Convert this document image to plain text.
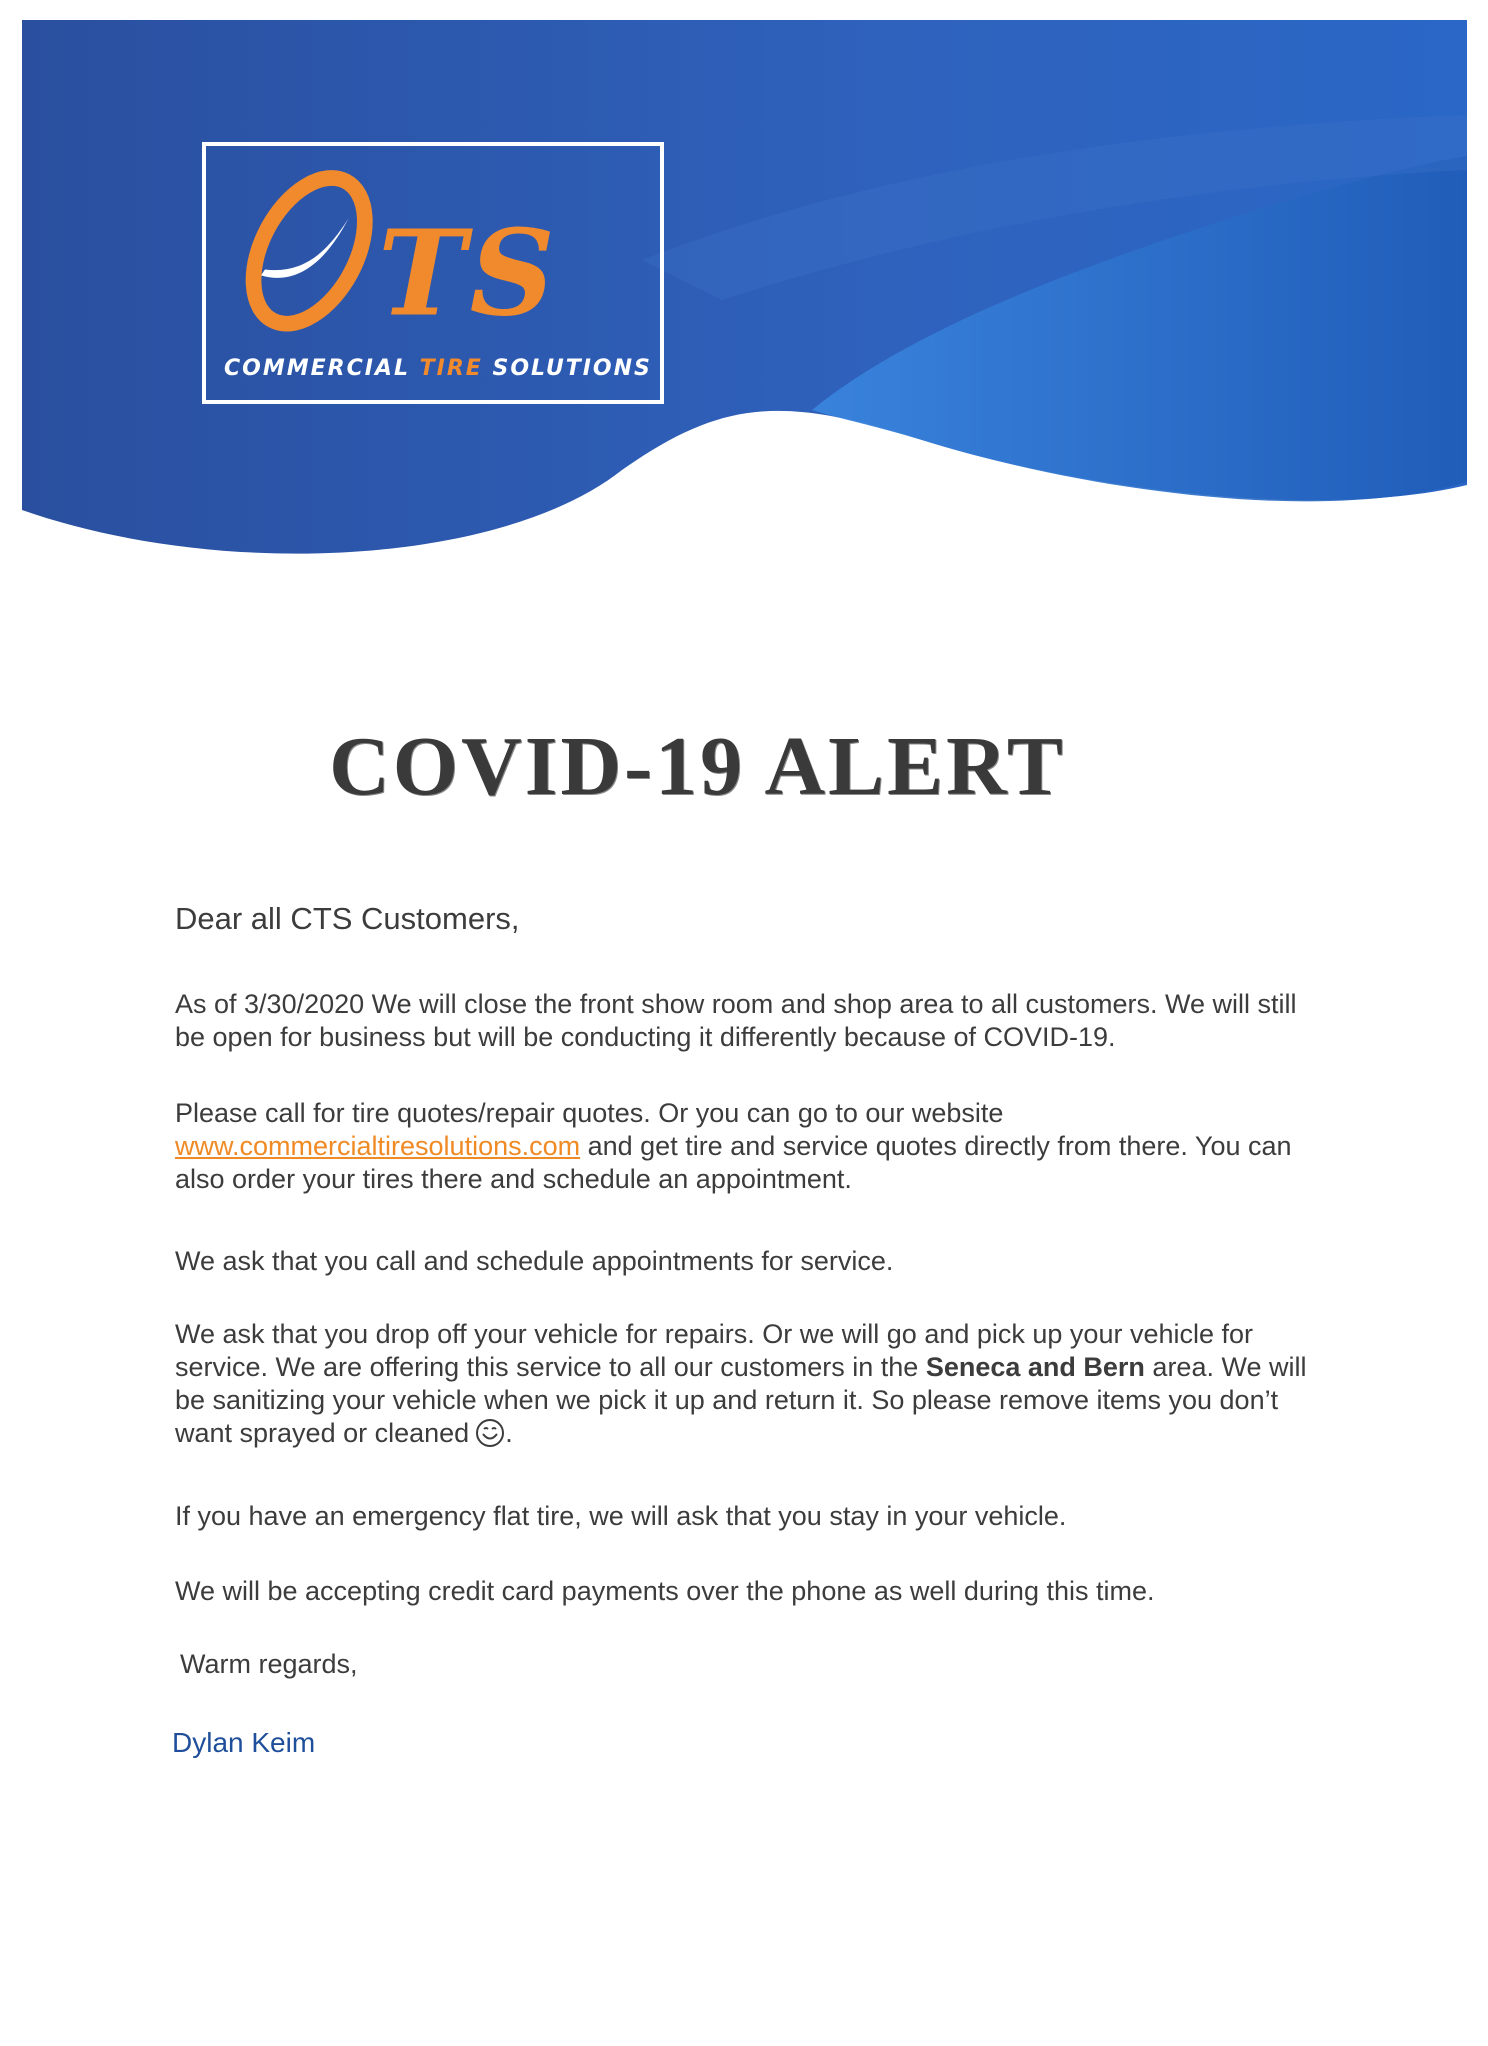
TS
COMMERCIAL TIRE SOLUTIONS
COVID-19 ALERT
Dear all CTS Customers,
As of 3/30/2020 We will close the front show room and shop area to all customers. We will still be open for business but will be conducting it differently because of COVID-19.

Please call for tire quotes/repair quotes. Or you can go to our website
www.commercialtiresolutions.com and get tire and service quotes directly from there. You can also order your tires there and schedule an appointment.

We ask that you call and schedule appointments for service.

We ask that you drop off your vehicle for repairs. Or we will go and pick up your vehicle for service. We are offering this service to all our customers in the Seneca and Bern area. We will be sanitizing your vehicle when we pick it up and return it. So please remove items you don’t want sprayed or cleaned .

If you have an emergency flat tire, we will ask that you stay in your vehicle.
We will be accepting credit card payments over the phone as well during this time.
Warm regards,
Dylan Keim
